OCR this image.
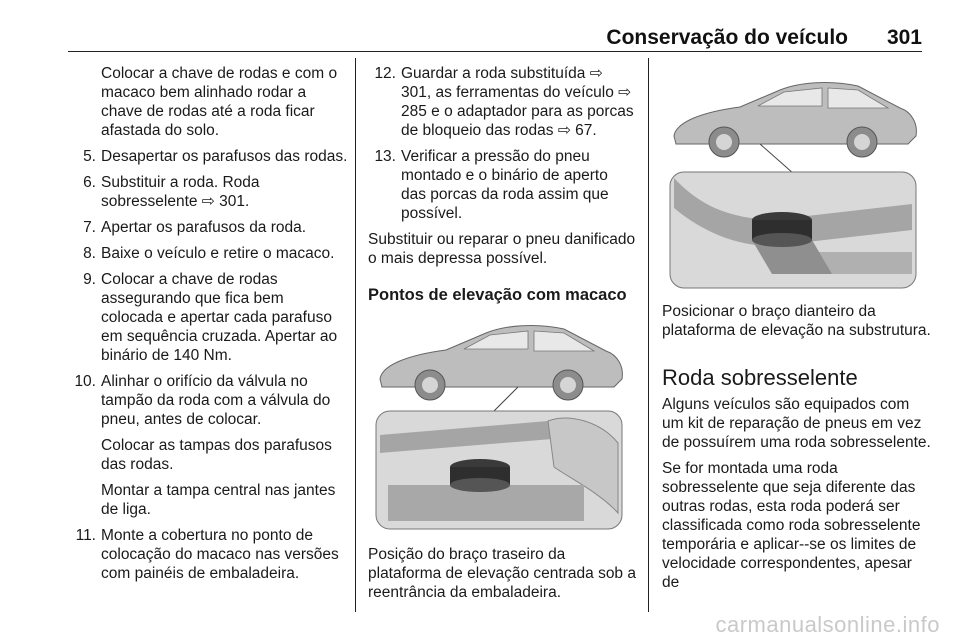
Conservação do veículo 301
Colocar a chave de rodas e com o macaco bem alinhado rodar a chave de rodas até a roda ficar afastada do solo.
5. Desapertar os parafusos das rodas.
6. Substituir a roda. Roda sobresselente ⇨ 301.
7. Apertar os parafusos da roda.
8. Baixe o veículo e retire o macaco.
9. Colocar a chave de rodas assegurando que fica bem colocada e apertar cada parafuso em sequência cruzada. Apertar ao binário de 140 Nm.
10. Alinhar o orifício da válvula no tampão da roda com a válvula do pneu, antes de colocar.
Colocar as tampas dos parafusos das rodas.
Montar a tampa central nas jantes de liga.
11. Monte a cobertura no ponto de colocação do macaco nas versões com painéis de embaladeira.
12. Guardar a roda substituída ⇨ 301, as ferramentas do veículo ⇨ 285 e o adaptador para as porcas de bloqueio das rodas ⇨ 67.
13. Verificar a pressão do pneu montado e o binário de aperto das porcas da roda assim que possível.
Substituir ou reparar o pneu danificado o mais depressa possível.
Pontos de elevação com macaco
Posição do braço traseiro da plataforma de elevação centrada sob a reentrância da embaladeira.
Posicionar o braço dianteiro da plataforma de elevação na substrutura.
Roda sobresselente
Alguns veículos são equipados com um kit de reparação de pneus em vez de possuírem uma roda sobresselente.
Se for montada uma roda sobresselente que seja diferente das outras rodas, esta roda poderá ser classificada como roda sobresselente temporária e aplicar--se os limites de velocidade correspondentes, apesar de
carmanualsonline.info
